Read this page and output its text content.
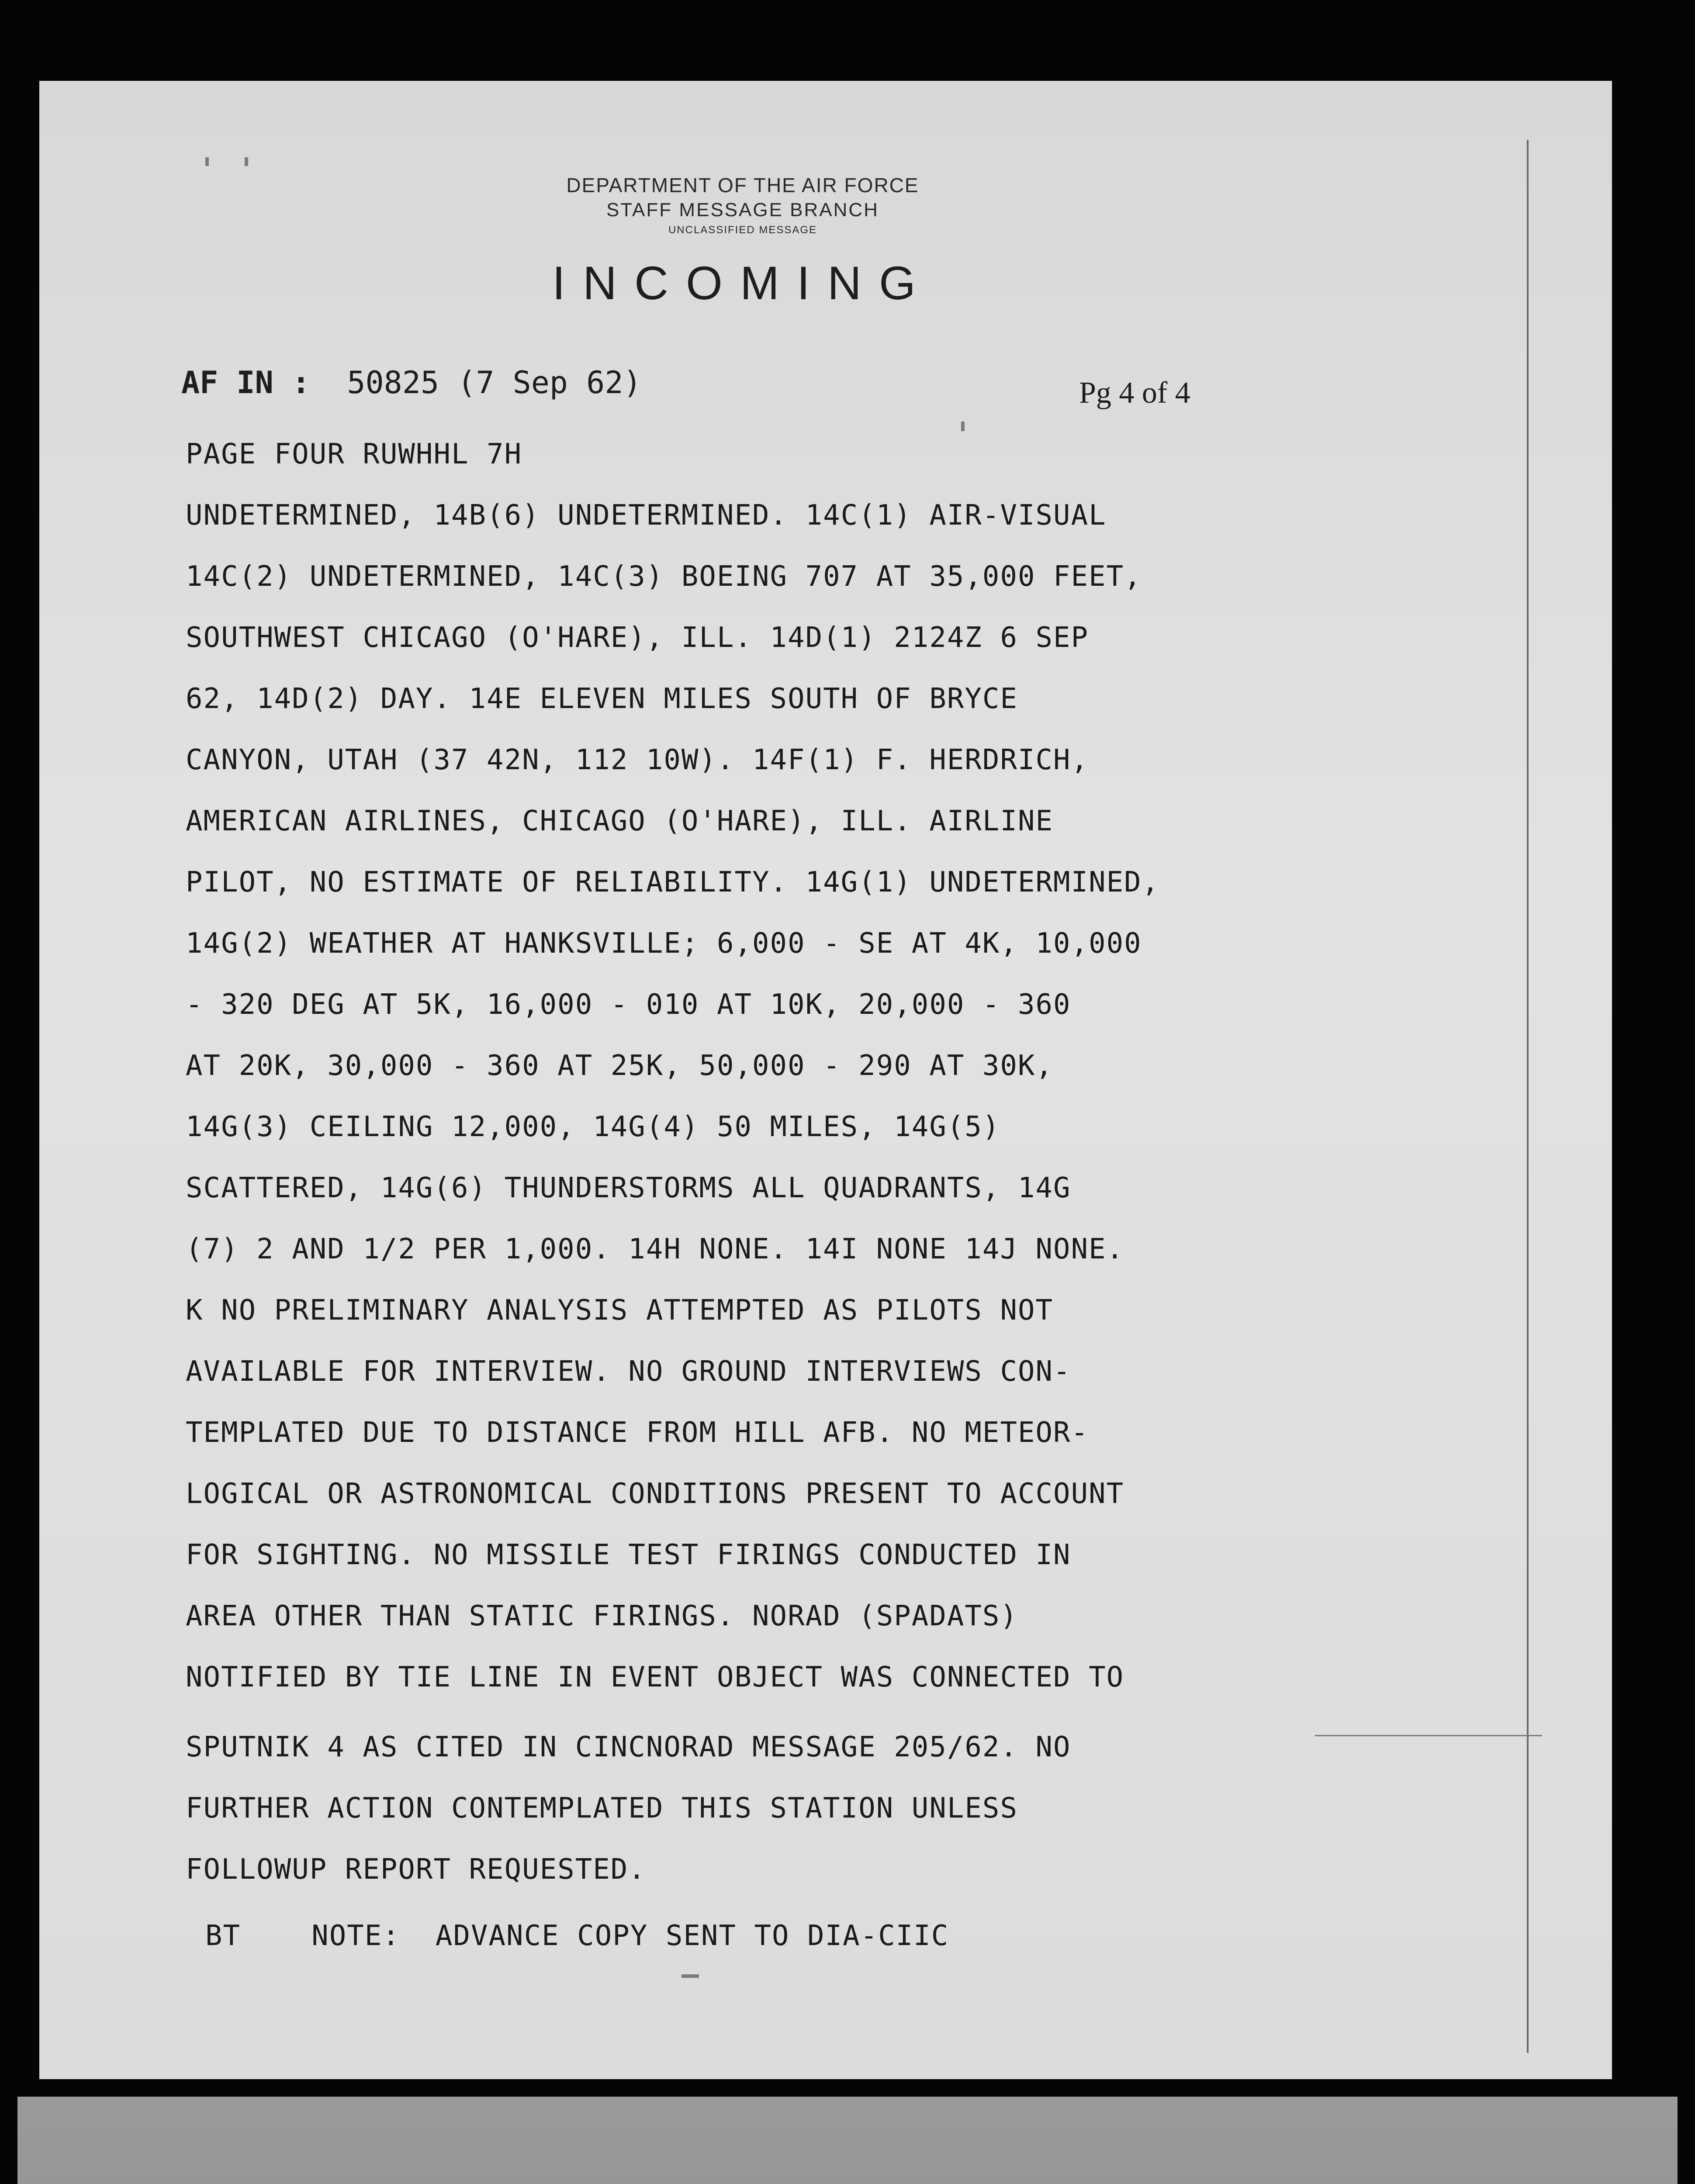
DEPARTMENT OF THE AIR FORCE
STAFF MESSAGE BRANCH
UNCLASSIFIED MESSAGE
INCOMING
AF IN : 50825 (7 Sep 62)	Pg 4 of 4
PAGE FOUR RUWHHL 7H
UNDETERMINED, 14B(6) UNDETERMINED. 14C(1) AIR-VISUAL
14C(2) UNDETERMINED, 14C(3) BOEING 707 AT 35,000 FEET,
SOUTHWEST CHICAGO (O'HARE), ILL. 14D(1) 2124Z 6 SEP
62, 14D(2) DAY. 14E ELEVEN MILES SOUTH OF BRYCE
CANYON, UTAH (37 42N, 112 10W). 14F(1) F. HERDRICH,
AMERICAN AIRLINES, CHICAGO (O'HARE), ILL. AIRLINE
PILOT, NO ESTIMATE OF RELIABILITY. 14G(1) UNDETERMINED,
14G(2) WEATHER AT HANKSVILLE; 6,000 - SE AT 4K, 10,000
- 320 DEG AT 5K, 16,000 - 010 AT 10K, 20,000 - 360
AT 20K, 30,000 - 360 AT 25K, 50,000 - 290 AT 30K,
14G(3) CEILING 12,000, 14G(4) 50 MILES, 14G(5)
SCATTERED, 14G(6) THUNDERSTORMS ALL QUADRANTS, 14G
(7) 2 AND 1/2 PER 1,000. 14H NONE. 14I NONE 14J NONE.
K NO PRELIMINARY ANALYSIS ATTEMPTED AS PILOTS NOT
AVAILABLE FOR INTERVIEW. NO GROUND INTERVIEWS CON-
TEMPLATED DUE TO DISTANCE FROM HILL AFB. NO METEOR-
LOGICAL OR ASTRONOMICAL CONDITIONS PRESENT TO ACCOUNT
FOR SIGHTING. NO MISSILE TEST FIRINGS CONDUCTED IN
AREA OTHER THAN STATIC FIRINGS. NORAD (SPADATS)
NOTIFIED BY TIE LINE IN EVENT OBJECT WAS CONNECTED TO
SPUTNIK 4 AS CITED IN CINCNORAD MESSAGE 205/62. NO
FURTHER ACTION CONTEMPLATED THIS STATION UNLESS
FOLLOWUP REPORT REQUESTED.
BT    NOTE:  ADVANCE COPY SENT TO DIA-CIIC
